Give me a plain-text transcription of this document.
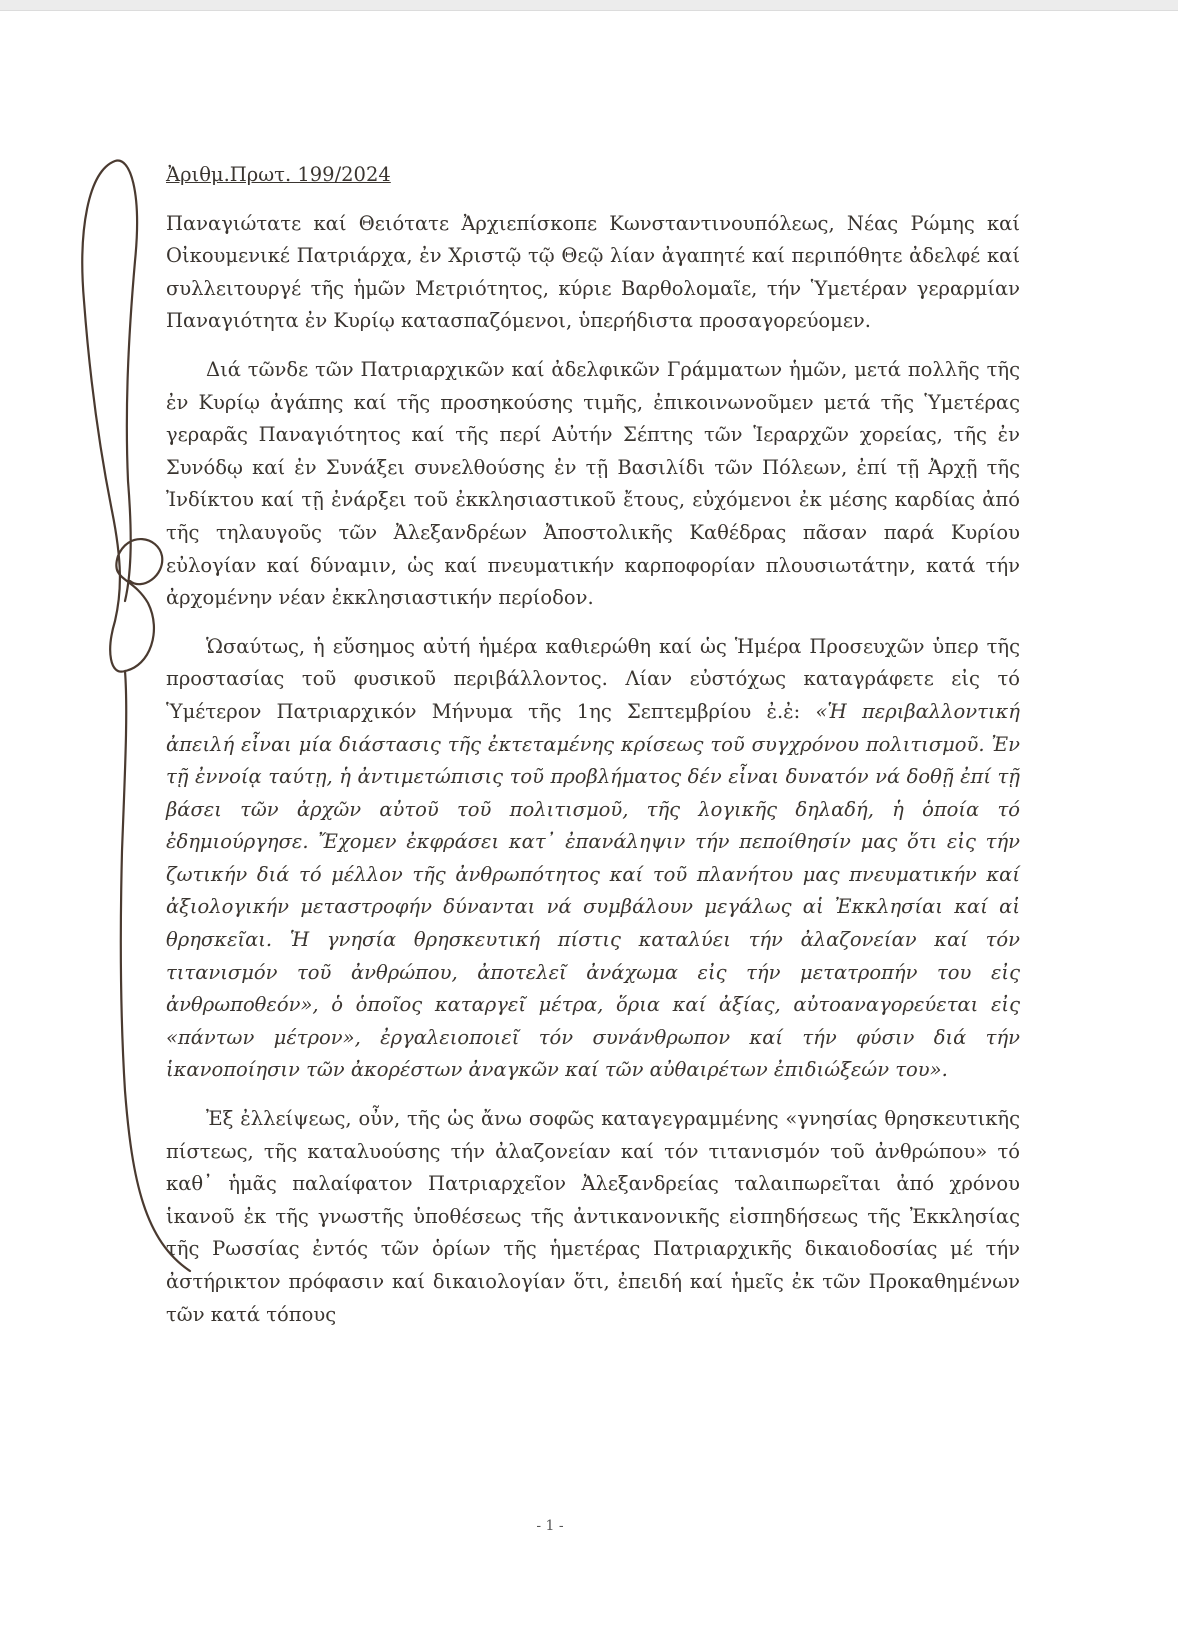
Ἀριθμ.Πρωτ. 199/2024

Παναγιώτατε καί Θειότατε Ἀρχιεπίσκοπε Κωνσταντινουπόλεως, Νέας Ρώμης καί Οἰκουμενικέ Πατριάρχα, ἐν Χριστῷ τῷ Θεῷ λίαν ἀγαπητέ καί περιπόθητε ἀδελφέ καί συλλειτουργέ τῆς ἡμῶν Μετριότητος, κύριε Βαρθολομαῖε, τήν Ὑμετέραν γεραρμίαν Παναγιότητα ἐν Κυρίῳ κατασπαζόμενοι, ὑπερήδιστα προσαγορεύομεν.

Διά τῶνδε τῶν Πατριαρχικῶν καί ἀδελφικῶν Γράμματων ἡμῶν, μετά πολλῆς τῆς ἐν Κυρίῳ ἀγάπης καί τῆς προσηκούσης τιμῆς, ἐπικοινωνοῦμεν μετά τῆς Ὑμετέρας γεραρᾶς Παναγιότητος καί τῆς περί Αὐτήν Σέπτης τῶν Ἱεραρχῶν χορείας, τῆς ἐν Συνόδῳ καί ἐν Συνάξει συνελθούσης ἐν τῇ Βασιλίδι τῶν Πόλεων, ἐπί τῇ Ἀρχῇ τῆς Ἰνδίκτου καί τῇ ἐνάρξει τοῦ ἐκκλησιαστικοῦ ἔτους, εὐχόμενοι ἐκ μέσης καρδίας ἀπό τῆς τηλαυγοῦς τῶν Ἀλεξανδρέων Ἀποστολικῆς Καθέδρας πᾶσαν παρά Κυρίου εὐλογίαν καί δύναμιν, ὡς καί πνευματικήν καρποφορίαν πλουσιωτάτην, κατά τήν ἀρχομένην νέαν ἐκκλησιαστικήν περίοδον.

Ὡσαύτως, ἡ εὔσημος αὐτή ἡμέρα καθιερώθη καί ὡς Ἡμέρα Προσευχῶν ὑπερ τῆς προστασίας τοῦ φυσικοῦ περιβάλλοντος. Λίαν εὐστόχως καταγράφετε εἰς τό Ὑμέτερον Πατριαρχικόν Μήνυμα τῆς 1ης Σεπτεμβρίου ἐ.ἐ: «Ἡ περιβαλλοντική ἀπειλή εἶναι μία διάστασις τῆς ἐκτεταμένης κρίσεως τοῦ συγχρόνου πολιτισμοῦ. Ἐν τῇ ἐννοίᾳ ταύτῃ, ἡ ἀντιμετώπισις τοῦ προβλήματος δέν εἶναι δυνατόν νά δοθῇ ἐπί τῇ βάσει τῶν ἀρχῶν αὐτοῦ τοῦ πολιτισμοῦ, τῆς λογικῆς δηλαδή, ἡ ὁποία τό ἐδημιούργησε. Ἔχομεν ἐκφράσει κατ᾽ ἐπανάληψιν τήν πεποίθησίν μας ὅτι εἰς τήν ζωτικήν διά τό μέλλον τῆς ἀνθρωπότητος καί τοῦ πλανήτου μας πνευματικήν καί ἀξιολογικήν μεταστροφήν δύνανται νά συμβάλουν μεγάλως αἱ Ἐκκλησίαι καί αἱ θρησκεῖαι. Ἡ γνησία θρησκευτική πίστις καταλύει τήν ἀλαζονείαν καί τόν τιτανισμόν τοῦ ἀνθρώπου, ἀποτελεῖ ἀνάχωμα εἰς τήν μετατροπήν του εἰς ἀνθρωποθεόν», ὁ ὁποῖος καταργεῖ μέτρα, ὅρια καί ἀξίας, αὐτοαναγορεύεται εἰς «πάντων μέτρον», ἐργαλειοποιεῖ τόν συνάνθρωπον καί τήν φύσιν διά τήν ἱκανοποίησιν τῶν ἀκορέστων ἀναγκῶν καί τῶν αὐθαιρέτων ἐπιδιώξεών του».

Ἐξ ἐλλείψεως, οὖν, τῆς ὡς ἄνω σοφῶς καταγεγραμμένης «γνησίας θρησκευτικῆς πίστεως, τῆς καταλυούσης τήν ἀλαζονείαν καί τόν τιτανισμόν τοῦ ἀνθρώπου» τό καθ᾽ ἡμᾶς παλαίφατον Πατριαρχεῖον Ἀλεξανδρείας ταλαιπωρεῖται ἀπό χρόνου ἱκανοῦ ἐκ τῆς γνωστῆς ὑποθέσεως τῆς ἀντικανονικῆς εἰσπηδήσεως τῆς Ἐκκλησίας τῆς Ρωσσίας ἐντός τῶν ὁρίων τῆς ἡμετέρας Πατριαρχικῆς δικαιοδοσίας μέ τήν ἀστήρικτον πρόφασιν καί δικαιολογίαν ὅτι, ἐπειδή καί ἡμεῖς ἐκ τῶν Προκαθημένων τῶν κατά τόπους

- 1 -
